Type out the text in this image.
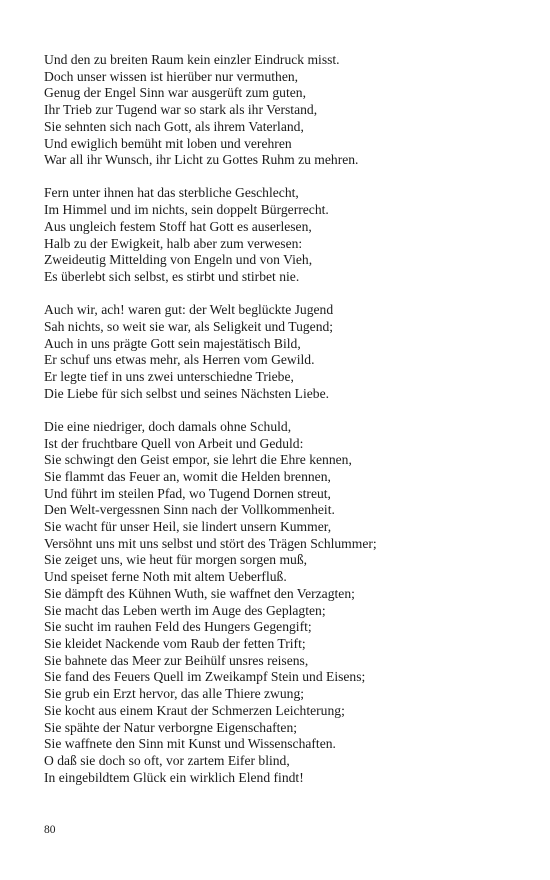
Und den zu breiten Raum kein einzler Eindruck misst.
Doch unser wissen ist hierüber nur vermuthen,
Genug der Engel Sinn war ausgerüft zum guten,
Ihr Trieb zur Tugend war so stark als ihr Verstand,
Sie sehnten sich nach Gott, als ihrem Vaterland,
Und ewiglich bemüht mit loben und verehren
War all ihr Wunsch, ihr Licht zu Gottes Ruhm zu mehren.
Fern unter ihnen hat das sterbliche Geschlecht,
Im Himmel und im nichts, sein doppelt Bürgerrecht.
Aus ungleich festem Stoff hat Gott es auserlesen,
Halb zu der Ewigkeit, halb aber zum verwesen:
Zweideutig Mittelding von Engeln und von Vieh,
Es überlebt sich selbst, es stirbt und stirbet nie.
Auch wir, ach! waren gut: der Welt beglückte Jugend
Sah nichts, so weit sie war, als Seligkeit und Tugend;
Auch in uns prägte Gott sein majestätisch Bild,
Er schuf uns etwas mehr, als Herren vom Gewild.
Er legte tief in uns zwei unterschiedne Triebe,
Die Liebe für sich selbst und seines Nächsten Liebe.
Die eine niedriger, doch damals ohne Schuld,
Ist der fruchtbare Quell von Arbeit und Geduld:
Sie schwingt den Geist empor, sie lehrt die Ehre kennen,
Sie flammt das Feuer an, womit die Helden brennen,
Und führt im steilen Pfad, wo Tugend Dornen streut,
Den Welt-vergessnen Sinn nach der Vollkommenheit.
Sie wacht für unser Heil, sie lindert unsern Kummer,
Versöhnt uns mit uns selbst und stört des Trägen Schlummer;
Sie zeiget uns, wie heut für morgen sorgen muß,
Und speiset ferne Noth mit altem Ueberfluß.
Sie dämpft des Kühnen Wuth, sie waffnet den Verzagten;
Sie macht das Leben werth im Auge des Geplagten;
Sie sucht im rauhen Feld des Hungers Gegengift;
Sie kleidet Nackende vom Raub der fetten Trift;
Sie bahnete das Meer zur Beihülf unsres reisens,
Sie fand des Feuers Quell im Zweikampf Stein und Eisens;
Sie grub ein Erzt hervor, das alle Thiere zwung;
Sie kocht aus einem Kraut der Schmerzen Leichterung;
Sie spähte der Natur verborgne Eigenschaften;
Sie waffnete den Sinn mit Kunst und Wissenschaften.
O daß sie doch so oft, vor zartem Eifer blind,
In eingebildtem Glück ein wirklich Elend findt!
80
